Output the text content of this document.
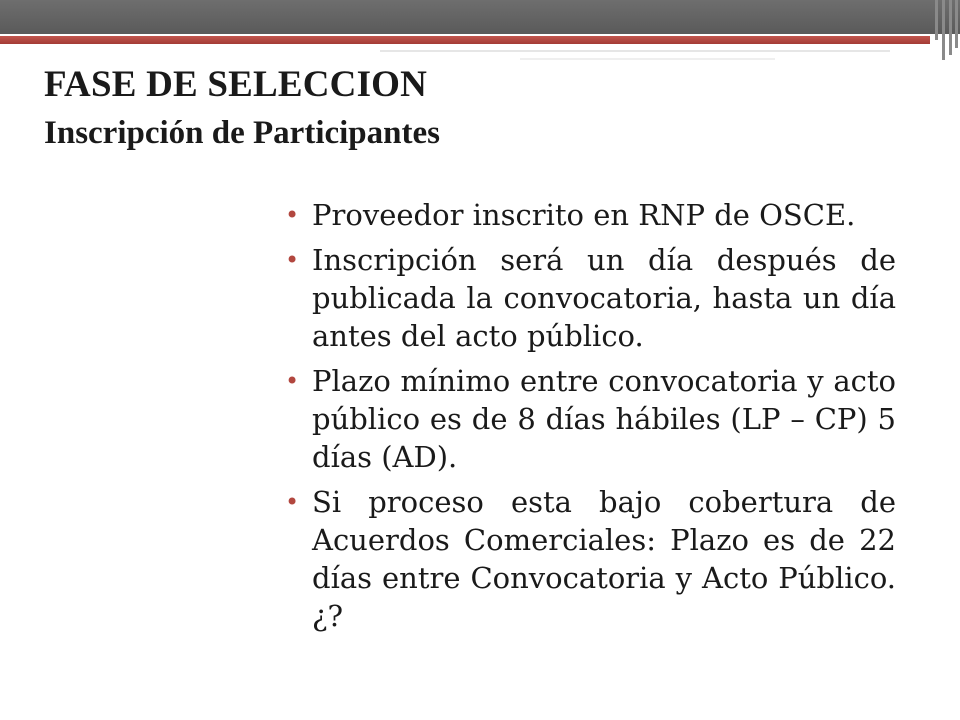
FASE DE SELECCION
Inscripción de Participantes
• Proveedor inscrito en RNP de OSCE.
• Inscripción será un día después de publicada la convocatoria, hasta un día antes del acto público.
• Plazo mínimo entre convocatoria y acto público es de 8 días hábiles (LP – CP) 5 días (AD).
• Si proceso esta bajo cobertura de Acuerdos Comerciales: Plazo es de 22 días entre Convocatoria y Acto Público. ¿?
